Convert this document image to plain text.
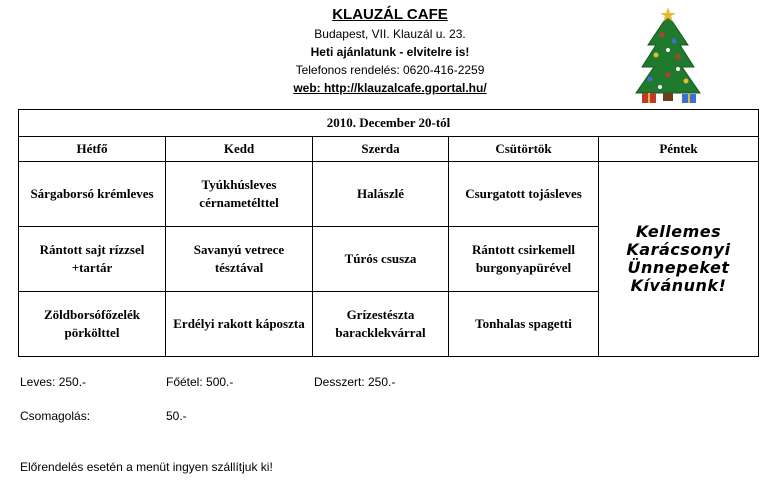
KLAUZÁL CAFE
Budapest, VII. Klauzál u. 23.
Heti ajánlatunk - elvitelre is!
Telefonos rendelés: 0620-416-2259
web: http://klauzalcafe.gportal.hu/
2010. December 20-tól				
Hétfő	Kedd	Szerda	Csütörtök	Péntek
Sárgaborsó krémleves	Tyúkhúsleves cérnametélttel	Halászlé	Csurgatott tojásleves	Kellemes
Karácsonyi
Ünnepeket
Kívánunk!

Rántott sajt rízzsel +tartár	Savanyú vetrece tésztával	Túrós csusza	Rántott csirkemell burgonyapürével	
Zöldborsófőzelék pörkölttel	Erdélyi rakott káposzta	Grízestészta baracklekvárral	Tonhalas spagetti	
Leves: 250.-	Főétel: 500.-	Desszert: 250.-
Csomagolás:	50.-
Előrendelés esetén a menüt ingyen szállítjuk ki!
